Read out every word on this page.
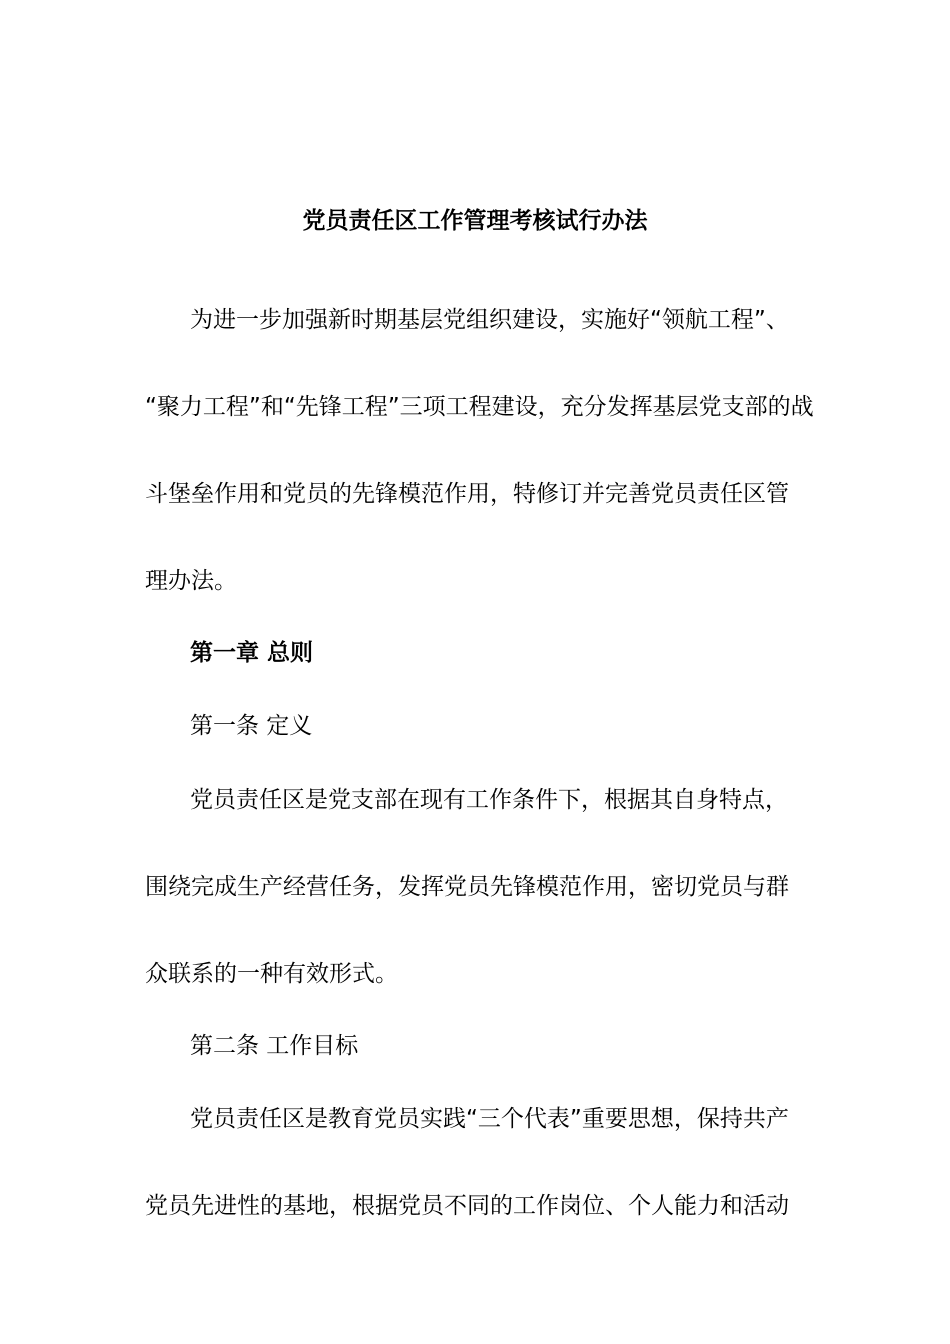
党员责任区工作管理考核试行办法
为进一步加强新时期基层党组织建设，实施好“领航工程”、
“聚力工程”和“先锋工程”三项工程建设，充分发挥基层党支部的战
斗堡垒作用和党员的先锋模范作用，特修订并完善党员责任区管
理办法。
第一章 总则
第一条 定义
党员责任区是党支部在现有工作条件下，根据其自身特点，
围绕完成生产经营任务，发挥党员先锋模范作用，密切党员与群
众联系的一种有效形式。
第二条 工作目标
党员责任区是教育党员实践“三个代表”重要思想，保持共产
党员先进性的基地，根据党员不同的工作岗位、个人能力和活动
